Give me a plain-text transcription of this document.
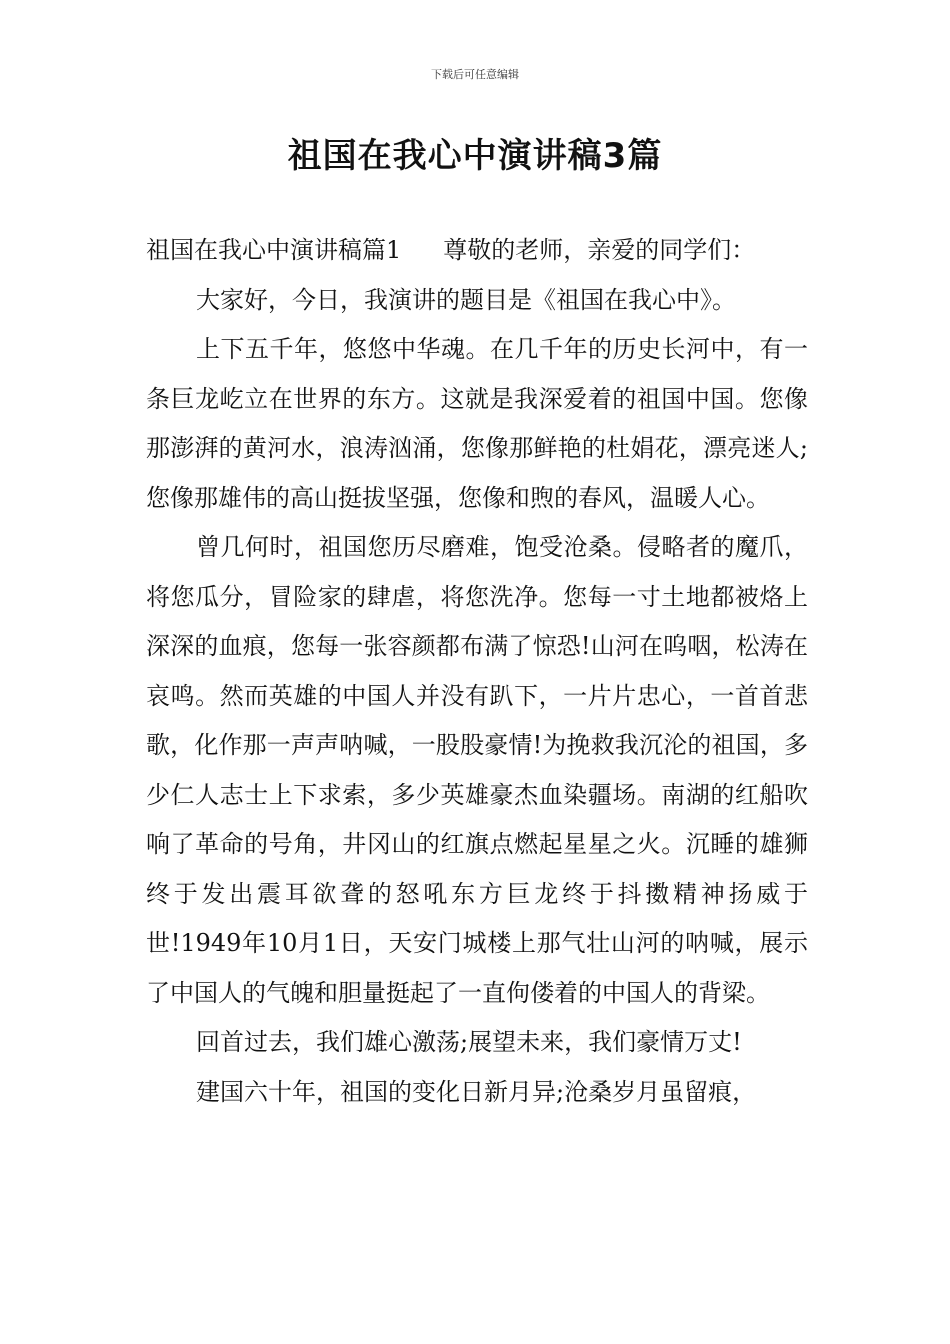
下载后可任意编辑
祖国在我心中演讲稿3篇

祖国在我心中演讲稿篇1 尊敬的老师，亲爱的同学们：

大家好，今日，我演讲的题目是《祖国在我心中》。

上下五千年，悠悠中华魂。在几千年的历史长河中，有一条巨龙屹立在世界的东方。这就是我深爱着的祖国中国。您像那澎湃的黄河水，浪涛汹涌，您像那鲜艳的杜娟花，漂亮迷人;您像那雄伟的高山挺拔坚强，您像和煦的春风，温暖人心。

曾几何时，祖国您历尽磨难，饱受沧桑。侵略者的魔爪，将您瓜分，冒险家的肆虐，将您洗净。您每一寸土地都被烙上深深的血痕，您每一张容颜都布满了惊恐!山河在呜咽，松涛在哀鸣。然而英雄的中国人并没有趴下，一片片忠心，一首首悲歌，化作那一声声呐喊，一股股豪情!为挽救我沉沦的祖国，多少仁人志士上下求索，多少英雄豪杰血染疆场。南湖的红船吹响了革命的号角，井冈山的红旗点燃起星星之火。沉睡的雄狮终于发出震耳欲聋的怒吼东方巨龙终于抖擞精神扬威于世!1949年10月1日，天安门城楼上那气壮山河的呐喊，展示了中国人的气魄和胆量挺起了一直佝偻着的中国人的背梁。

回首过去，我们雄心激荡;展望未来，我们豪情万丈!

建国六十年，祖国的变化日新月异;沧桑岁月虽留痕，
